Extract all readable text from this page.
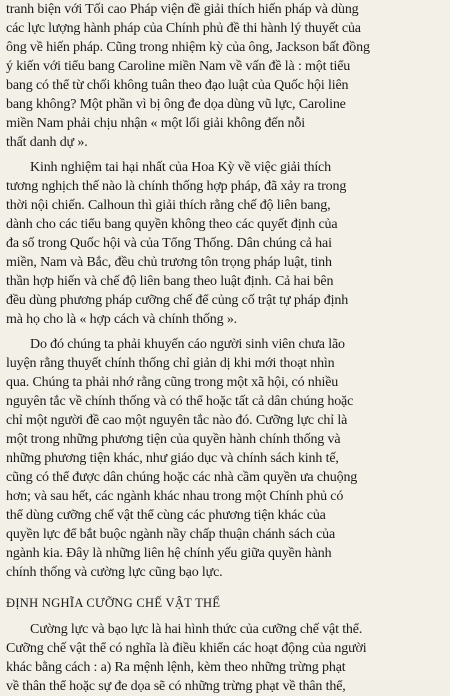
tranh biện với Tối cao Pháp viện đề giải thích hiến pháp và dùng
các lực lượng hành pháp của Chính phủ đề thi hành lý thuyết của
ông về hiến pháp. Cũng trong nhiệm kỳ của ông, Jackson bất đồng
ý kiến với tiểu bang Caroline miền Nam về vấn đề là : một tiểu
bang có thể từ chối không tuân theo đạo luật của Quốc hội liên
bang không? Một phần vì bị ông đe dọa dùng vũ lực, Caroline
miền Nam phải chịu nhận « một lối giải không đến nỗi
thất danh dự ».
Kinh nghiệm tai hại nhất của Hoa Kỳ về việc giải thích
tương nghịch thế nào là chính thống hợp pháp, đã xảy ra trong
thời nội chiến. Calhoun thì giải thích rằng chế độ liên bang,
dành cho các tiểu bang quyền không theo các quyết định của
đa số trong Quốc hội và của Tổng Thống. Dân chúng cả hai
miền, Nam và Bắc, đều chủ trương tôn trọng pháp luật, tinh
thần hợp hiến và chế độ liên bang theo luật định. Cả hai bên
đều dùng phương pháp cưỡng chế để củng cố trật tự pháp định
mà họ cho là « hợp cách và chính thống ».
Do đó chúng ta phải khuyến cáo người sinh viên chưa lão
luyện rằng thuyết chính thống chỉ giản dị khi mới thoạt nhìn
qua. Chúng ta phải nhớ rằng cũng trong một xã hội, có nhiều
nguyên tắc về chính thống và có thể hoặc tất cả dân chúng hoặc
chỉ một người đề cao một nguyên tắc nào đó. Cưỡng lực chỉ là
một trong những phương tiện của quyền hành chính thống và
những phương tiện khác, như giáo dục và chính sách kinh tế,
cũng có thể được dân chúng hoặc các nhà cầm quyền ưa chuộng
hơn; và sau hết, các ngành khác nhau trong một Chính phủ có
thể dùng cưỡng chế vật thể cùng các phương tiện khác của
quyền lực để bắt buộc ngành nầy chấp thuận chánh sách của
ngành kia. Đây là những liên hệ chính yếu giữa quyền hành
chính thống và cường lực cũng bạo lực.
ĐỊNH NGHĨA CƯỠNG CHẾ VẬT THỂ
Cường lực và bạo lực là hai hình thức của cưỡng chế vật thể.
Cưỡng chế vật thể có nghĩa là điều khiển các hoạt động của người
khác bằng cách : a) Ra mệnh lệnh, kèm theo những trừng phạt
về thân thể hoặc sự đe dọa sẽ có những trừng phạt về thân thể,
